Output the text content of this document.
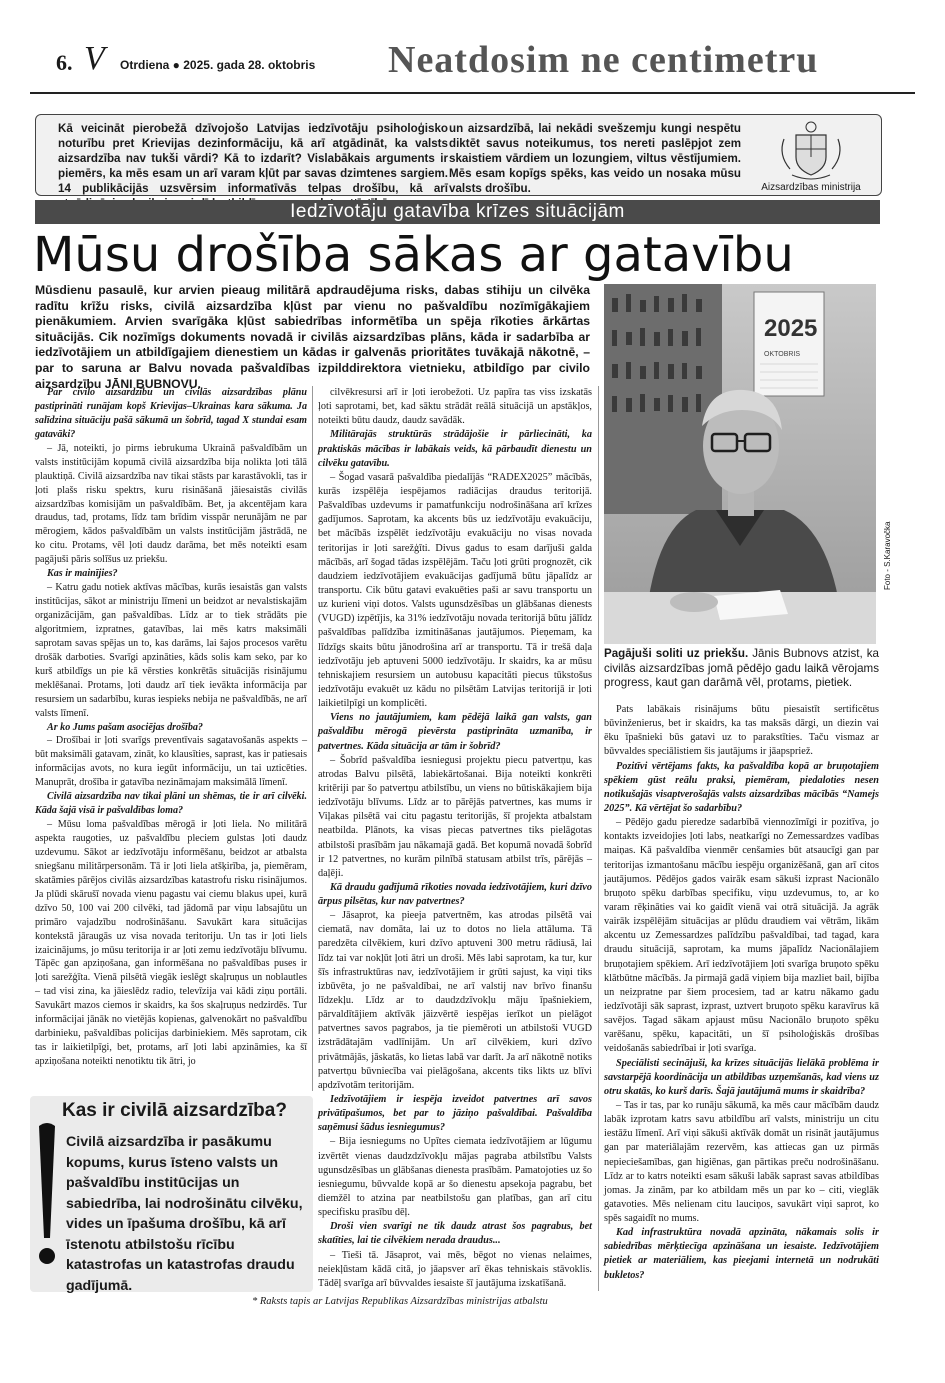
6. V Otrdiena ● 2025. gada 28. oktobris Neatdosim ne centimetru
Kā veicināt pierobežā dzīvojošo Latvijas iedzīvotāju psiholoģisko noturību pret Krievijas dezinformāciju, kā arī atgādināt, ka valsts aizsardzība nav tukši vārdi? Kā to izdarīt? Vislabākais arguments ir piemērs, ka mēs esam un arī varam kļūt par savas dzimtenes sargiem. 14 publikācijās uzsvērsim informatīvās telpas drošību, kā arī
un aizsardzībā, lai nekādi svešzemju kungi nespētu diktēt savus noteikumus, tos nereti paslēpjot zem skaistiem vārdiem un lozungiem, viltus vēstījumiem. Mēs esam kopīgs spēks, kas veido un nosaka mūsu valsts drošību.	Aizsardzības ministrija
Iedzīvotāju gatavība krīzes situācijām
Mūsu drošība sākas ar gatavību
Mūsdienu pasaulē, kur arvien pieaug militārā apdraudējuma risks, dabas stihiju un cilvēka radītu krīžu risks, civilā aizsardzība kļūst par vienu no pašvaldību nozīmīgākajiem pienākumiem. Arvien svarīgāka kļūst sabiedrības informētība un spēja rīkoties ārkārtas situācijās. Cik nozīmīgs dokuments novadā ir civilās aizsardzības plāns, kāda ir sadarbība ar iedzīvotājiem un atbildīgajiem dienestiem un kādas ir galvenās prioritātes tuvākajā nākotnē, – par to saruna ar Balvu novada pašvaldības izpilddirektora vietnieku, atbildīgo par civilo aizsardzību JĀNI BUBNOVU.
2025
OKTOBRIS
Foto - S.Karavočka
Pagājuši soliti uz priekšu. Jānis Bubnovs atzist, ka civilās aizsardzības jomā pēdējo gadu laikā vērojams progress, kaut gan darāmā vēl, protams, pietiek.

Par civilo aizsardzību un civilās aizsardzības plānu pastiprināti runājam kopš Krievijas–Ukrainas kara sākuma. Ja salīdzina situāciju pašā sākumā un šobrīd, tagad X stundai esam gatavāki?

– Jā, noteikti, jo pirms iebrukuma Ukrainā pašvaldībām un valsts institūcijām kopumā civilā aizsardzība bija nolikta ļoti tālā plauktiņā. Civilā aizsardzība nav tikai stāsts par karastāvokli, tas ir ļoti plašs risku spektrs, kuru risināšanā jāiesaistās civilās aizsardzības komisijām un pašvaldībām. Bet, ja akcentējam kara draudus, tad, protams, līdz tam brīdim visspār nerunājām ne par mērogiem, kādos pašvaldībām un valsts institūcijām jāstrādā, ne ko citu. Protams, vēl ļoti daudz darāma, bet mēs noteikti esam pagājuši pāris solīšus uz priekšu.

Kas ir mainījies?

– Katru gadu notiek aktīvas mācības, kurās iesaistās gan valsts institūcijas, sākot ar ministriju līmeni un beidzot ar nevalstiskajām organizācijām, gan pašvaldības. Līdz ar to tiek strādāts pie algoritmiem, izpratnes, gatavības, lai mēs katrs maksimāli saprotam savas spējas un to, kas darāms, lai šajos procesos varētu drošāk darboties. Svarīgi apzināties, kāds solis kam seko, par ko kurš atbildīgs un pie kā vērsties konkrētās situācijās risinājumu meklēšanai. Protams, ļoti daudz arī tiek ievākta informācija par resursiem un sadarbību, kuras iespieks nebija ne pašvaldībās, ne arī valsts līmenī.

Ar ko Jums pašam asociējas drošība?

– Drošībai ir ļoti svarīgs preventīvais sagatavošanās aspekts – būt maksimāli gatavam, zināt, ko klausīties, saprast, kas ir patiesais informācijas avots, no kura iegūt informāciju, un tai uzticēties. Manuprāt, drošība ir gatavība nezināmajam maksimālā līmenī.

Civilā aizsardzība nav tikai plāni un shēmas, tie ir arī cilvēki. Kāda šajā visā ir pašvaldības loma?

– Mūsu loma pašvaldības mērogā ir ļoti liela. No militārā aspekta raugoties, uz pašvaldību pleciem gulstas ļoti daudz uzdevumu. Sākot ar iedzīvotāju informēšanu, beidzot ar atbalsta sniegšanu militārpersonām. Tā ir ļoti liela atšķirība, ja, piemēram, skatāmies pārējos civilās aizsardzības katastrofu risku risinājumos. Ja plūdi skārušī novada vienu pagastu vai ciemu blakus upei, kurā dzīvo 50, 100 vai 200 cilvēki, tad jādomā par viņu labsajūtu un primāro vajadzību nodrošināšanu. Savukārt kara situācijas kontekstā jāraugās uz visa novada teritoriju. Un tas ir ļoti liels izaicinājums, jo mūsu teritorija ir ar ļoti zemu iedzīvotāju blīvumu. Tāpēc gan apziņošana, gan informēšana no pašvaldības puses ir ļoti sarežģīta. Vienā pilsētā viegāk ieslēgt skaļruņus un noblautles – tad visi zina, ka jāieslēdz radio, televīzija vai kādi ziņu portāli. Savukārt mazos ciemos ir skaidrs, ka šos skaļruņus nedzirdēs. Tur informācijai jānāk no vietējās kopienas, galvenokārt no pašvaldību darbinieku, pašvaldības policijas darbiniekiem. Mēs saprotam, cik tas ir laikietilpīgi, bet, protams, arī ļoti labi apzināmies, ka šī apziņošana noteikti nenotiktu tik ātri, jo

cilvēkresursi arī ir ļoti ierobežoti. Uz papīra tas viss izskatās ļoti saprotami, bet, kad sāktu strādāt reālā situācijā un apstākļos, noteikti būtu daudz, daudz savādāk.

Militārajās struktūrās strādājošie ir pārliecināti, ka praktiskās mācības ir labākais veids, kā pārbaudīt dienestu un cilvēku gatavību.

– Šogad vasarā pašvaldība piedalījās “RADEX2025” mācībās, kurās izspēlēja iespējamos radiācijas draudus teritorijā. Pašvaldības uzdevums ir pamatfunkciju nodrošināšana arī krīzes gadījumos. Saprotam, ka akcents būs uz iedzīvotāju evakuāciju, bet mācībās izspēlēt iedzīvotāju evakuāciju no visas novada teritorijas ir ļoti sarežģīti. Divus gadus to esam darījuši galda mācībās, arī šogad tādas izspēlējām. Taču ļoti grūti prognozēt, cik daudziem iedzīvotājiem evakuācijas gadījumā būtu jāpalīdz ar transportu. Cik būtu gatavi evakuēties paši ar savu transportu un uz kurieni viņi dotos. Valsts ugunsdzēsības un glābšanas dienests (VUGD) izpētījis, ka 31% iedzīvotāju novada teritorijā būtu jālīdz pašvaldības palīdzība izmitināšanas jautājumos. Pieņemam, ka līdzīgs skaits būtu jānodrošina arī ar transportu. Tā ir trešā daļa iedzīvotāju jeb aptuveni 5000 iedzīvotāju. Ir skaidrs, ka ar mūsu tehniskajiem resursiem un autobusu kapacitāti piecus tūkstošus iedzīvotāju evakuēt uz kādu no pilsētām Latvijas teritorijā ir ļoti laikietilpīgi un komplicēti.

Viens no jautājumiem, kam pēdējā laikā gan valsts, gan pašvaldību mērogā pievērsta pastiprināta uzmanība, ir patvertnes. Kāda situācija ar tām ir šobrīd?

– Šobrīd pašvaldība iesniegusi projektu piecu patvertņu, kas atrodas Balvu pilsētā, labiekārtošanai. Bija noteikti konkrēti kritēriji par šo patvertņu atbilstību, un viens no būtiskākajiem bija iedzīvotāju blīvums. Līdz ar to pārējās patvertnes, kas mums ir Viļakas pilsētā vai citu pagastu teritorijās, šī projekta atbalstam neatbilda. Plānots, ka visas piecas patvertnes tiks pielāgotas atbilstoši prasībām jau nākamajā gadā. Bet kopumā novadā šobrīd ir 12 patvertnes, no kurām pilnībā statusam atbilst trīs, pārējās – daļēji.

Kā draudu gadījumā rīkoties novada iedzīvotājiem, kuri dzīvo ārpus pilsētas, kur nav patvertnes?

– Jāsaprot, ka pieeja patvertnēm, kas atrodas pilsētā vai ciematā, nav domāta, lai uz to dotos no liela attāluma. Tā paredzēta cilvēkiem, kuri dzīvo aptuveni 300 metru rādiusā, lai līdz tai var nokļūt ļoti ātri un droši. Mēs labi saprotam, ka tur, kur šīs infrastruktūras nav, iedzīvotājiem ir grūti sajust, ka viņi tiks izbūvēta, jo ne pašvaldībai, ne arī valstij nav brīvo finanšu līdzekļu. Līdz ar to daudzdzīvokļu māju īpašniekiem, pārvaldītājiem aktīvāk jāizvērtē iespējas ierīkot un pielāgot patvertnes savos pagrabos, ja tie piemēroti un atbilstoši VUGD izstrādātajām vadlīnijām. Un arī cilvēkiem, kuri dzīvo privātmājās, jāskatās, ko lietas labā var darīt. Ja arī nākotnē notiks patvertņu būvniecība vai pielāgošana, akcents tiks likts uz blīvi apdzīvotām teritorijām.

Iedzīvotājiem ir iespēja izveidot patvertnes arī savos privātīpašumos, bet par to jāziņo pašvaldībai. Pašvaldība saņēmusi šādus iesniegumus?

– Bija iesniegums no Upītes ciemata iedzīvotājiem ar lūgumu izvērtēt vienas daudzdzīvokļu mājas pagraba atbilstību Valsts ugunsdzēsības un glābšanas dienesta prasībām. Pamatojoties uz šo iesniegumu, būvvalde kopā ar šo dienestu apsekoja pagrabu, bet diemžēl to atzina par neatbilstošu gan platības, gan arī citu specifisku prasību dēļ.

Droši vien svarīgi ne tik daudz atrast šos pagrabus, bet skatīties, lai tie cilvēkiem nerada draudus...

– Tieši tā. Jāsaprot, vai mēs, bēgot no vienas nelaimes, neiekļūstam kādā citā, jo jāapsver arī ēkas tehniskais stāvoklis. Tādēļ svarīga arī būvvaldes iesaiste šī jautājuma izskatīšanā.

Pats labākais risinājums būtu piesaistīt sertificētus būvinženierus, bet ir skaidrs, ka tas maksās dārgi, un diezin vai ēku īpašnieki būs gatavi uz to parakstīties. Taču vismaz ar būvvaldes speciālistiem šis jautājums ir jāapspriež.

Pozitīvi vērtējams fakts, ka pašvaldība kopā ar bruņotajiem spēkiem gūst reālu praksi, piemēram, piedaloties nesen notikušajās visaptverošajās valsts aizsardzības mācībās “Namejs 2025”. Kā vērtējat šo sadarbību?

– Pēdējo gadu pieredze sadarbībā viennozīmīgi ir pozitīva, jo kontakts izveidojies ļoti labs, neatkarīgi no Zemessardzes vadības maiņas. Kā pašvaldība vienmēr cenšamies būt atsaucīgi gan par teritorijas izmantošanu mācību iespēju organizēšanā, gan arī citos jautājumos. Pēdējos gados vairāk esam sākuši izprast Nacionālo bruņoto spēku darbības specifiku, viņu uzdevumus, to, ar ko varam rēķināties vai ko gaidīt vienā vai otrā situācijā. Ja agrāk vairāk izspēlējām situācijas ar plūdu draudiem vai vētrām, likām akcentu uz Zemessardzes palīdzību pašvaldībai, tad tagad, kara draudu situācijā, saprotam, ka mums jāpalīdz Nacionālajiem bruņotajiem spēkiem. Arī iedzīvotājiem ļoti svarīga bruņoto spēku klātbūtne mācībās. Ja pirmajā gadā viņiem bija mazliet bail, bijība un neizpratne par šiem procesiem, tad ar katru nākamo gadu iedzīvotāji sāk saprast, izprast, uztvert bruņoto spēku karavīrus kā savējos. Tagad sākam apjaust mūsu Nacionālo bruņoto spēku varēšanu, spēku, kapacitāti, un šī psiholoģiskās drošības veidošanās sabiedrībai ir ļoti svarīga.

Speciālisti secinājuši, ka krīzes situācijās lielākā problēma ir savstarpējā koordinācija un atbildības uzņemšanās, kad viens uz otru skatās, ko kurš darīs. Šajā jautājumā mums ir skaidrība?

– Tas ir tas, par ko runāju sākumā, ka mēs caur mācībām daudz labāk izprotam katrs savu atbildību arī valsts, ministriju un citu iestāžu līmenī. Arī viņi sākuši aktīvāk domāt un risināt jautājumus gan par materiālajām rezervēm, kas attiecas gan uz pirmās nepieciešamības, gan higiēnas, gan pārtikas preču nodrošināšanu. Līdz ar to katrs noteikti esam sākuši labāk saprast savas atbildības jomas. Ja zinām, par ko atbildam mēs un par ko – citi, vieglāk gatavoties. Mēs nelienam citu lauciņos, savukārt viņi saprot, ko spēs sagaidīt no mums.

Kad infrastruktūra novadā apzināta, nākamais solis ir sabiedrības mērķtiecīga apzināšana un iesaiste. Iedzīvotājiem pietiek ar materiāliem, kas pieejami internetā un nodrukāti bukletos?

Kas ir civilā aizsardzība?
Civilā aizsardzība ir pasākumu kopums, kurus īsteno valsts un pašvaldību institūcijas un sabiedrība, lai nodrošinātu cilvēku, vides un īpašuma drošību, kā arī īstenotu atbilstošu rīcību katastrofas un katastrofas draudu gadījumā.
* Raksts tapis ar Latvijas Republikas Aizsardzības ministrijas atbalstu
